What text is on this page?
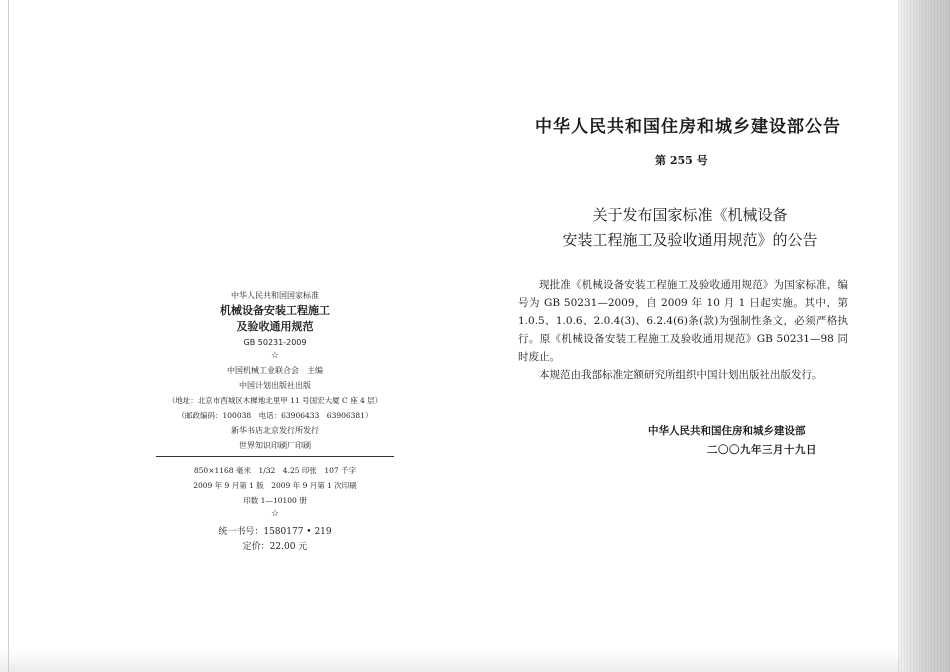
中华人民共和国国家标准
机械设备安装工程施工
及验收通用规范
GB 50231-2009
☆
中国机械工业联合会　主编
中国计划出版社出版
（地址：北京市西城区木樨地北里甲 11 号国宏大厦 C 座 4 层）
（邮政编码：100038　电话：63906433　63906381）
新华书店北京发行所发行
世界知识印刷厂印刷
850×1168 毫米　1/32　4.25 印张　107 千字
2009 年 9 月第 1 版　2009 年 9 月第 1 次印刷
印数 1—10100 册
☆
统一书号：1580177 • 219
定价：22.00 元
中华人民共和国住房和城乡建设部公告
第 255 号
关于发布国家标准《机械设备
安装工程施工及验收通用规范》的公告

现批准《机械设备安装工程施工及验收通用规范》为国家标准，编号为 GB 50231—2009，自 2009 年 10 月 1 日起实施。其中，第 1.0.5、1.0.6、2.0.4(3)、6.2.4(6)条(款)为强制性条文，必须严格执行。原《机械设备安装工程施工及验收通用规范》GB 50231—98 同时废止。

本规范由我部标准定额研究所组织中国计划出版社出版发行。

中华人民共和国住房和城乡建设部
二〇〇九年三月十九日
